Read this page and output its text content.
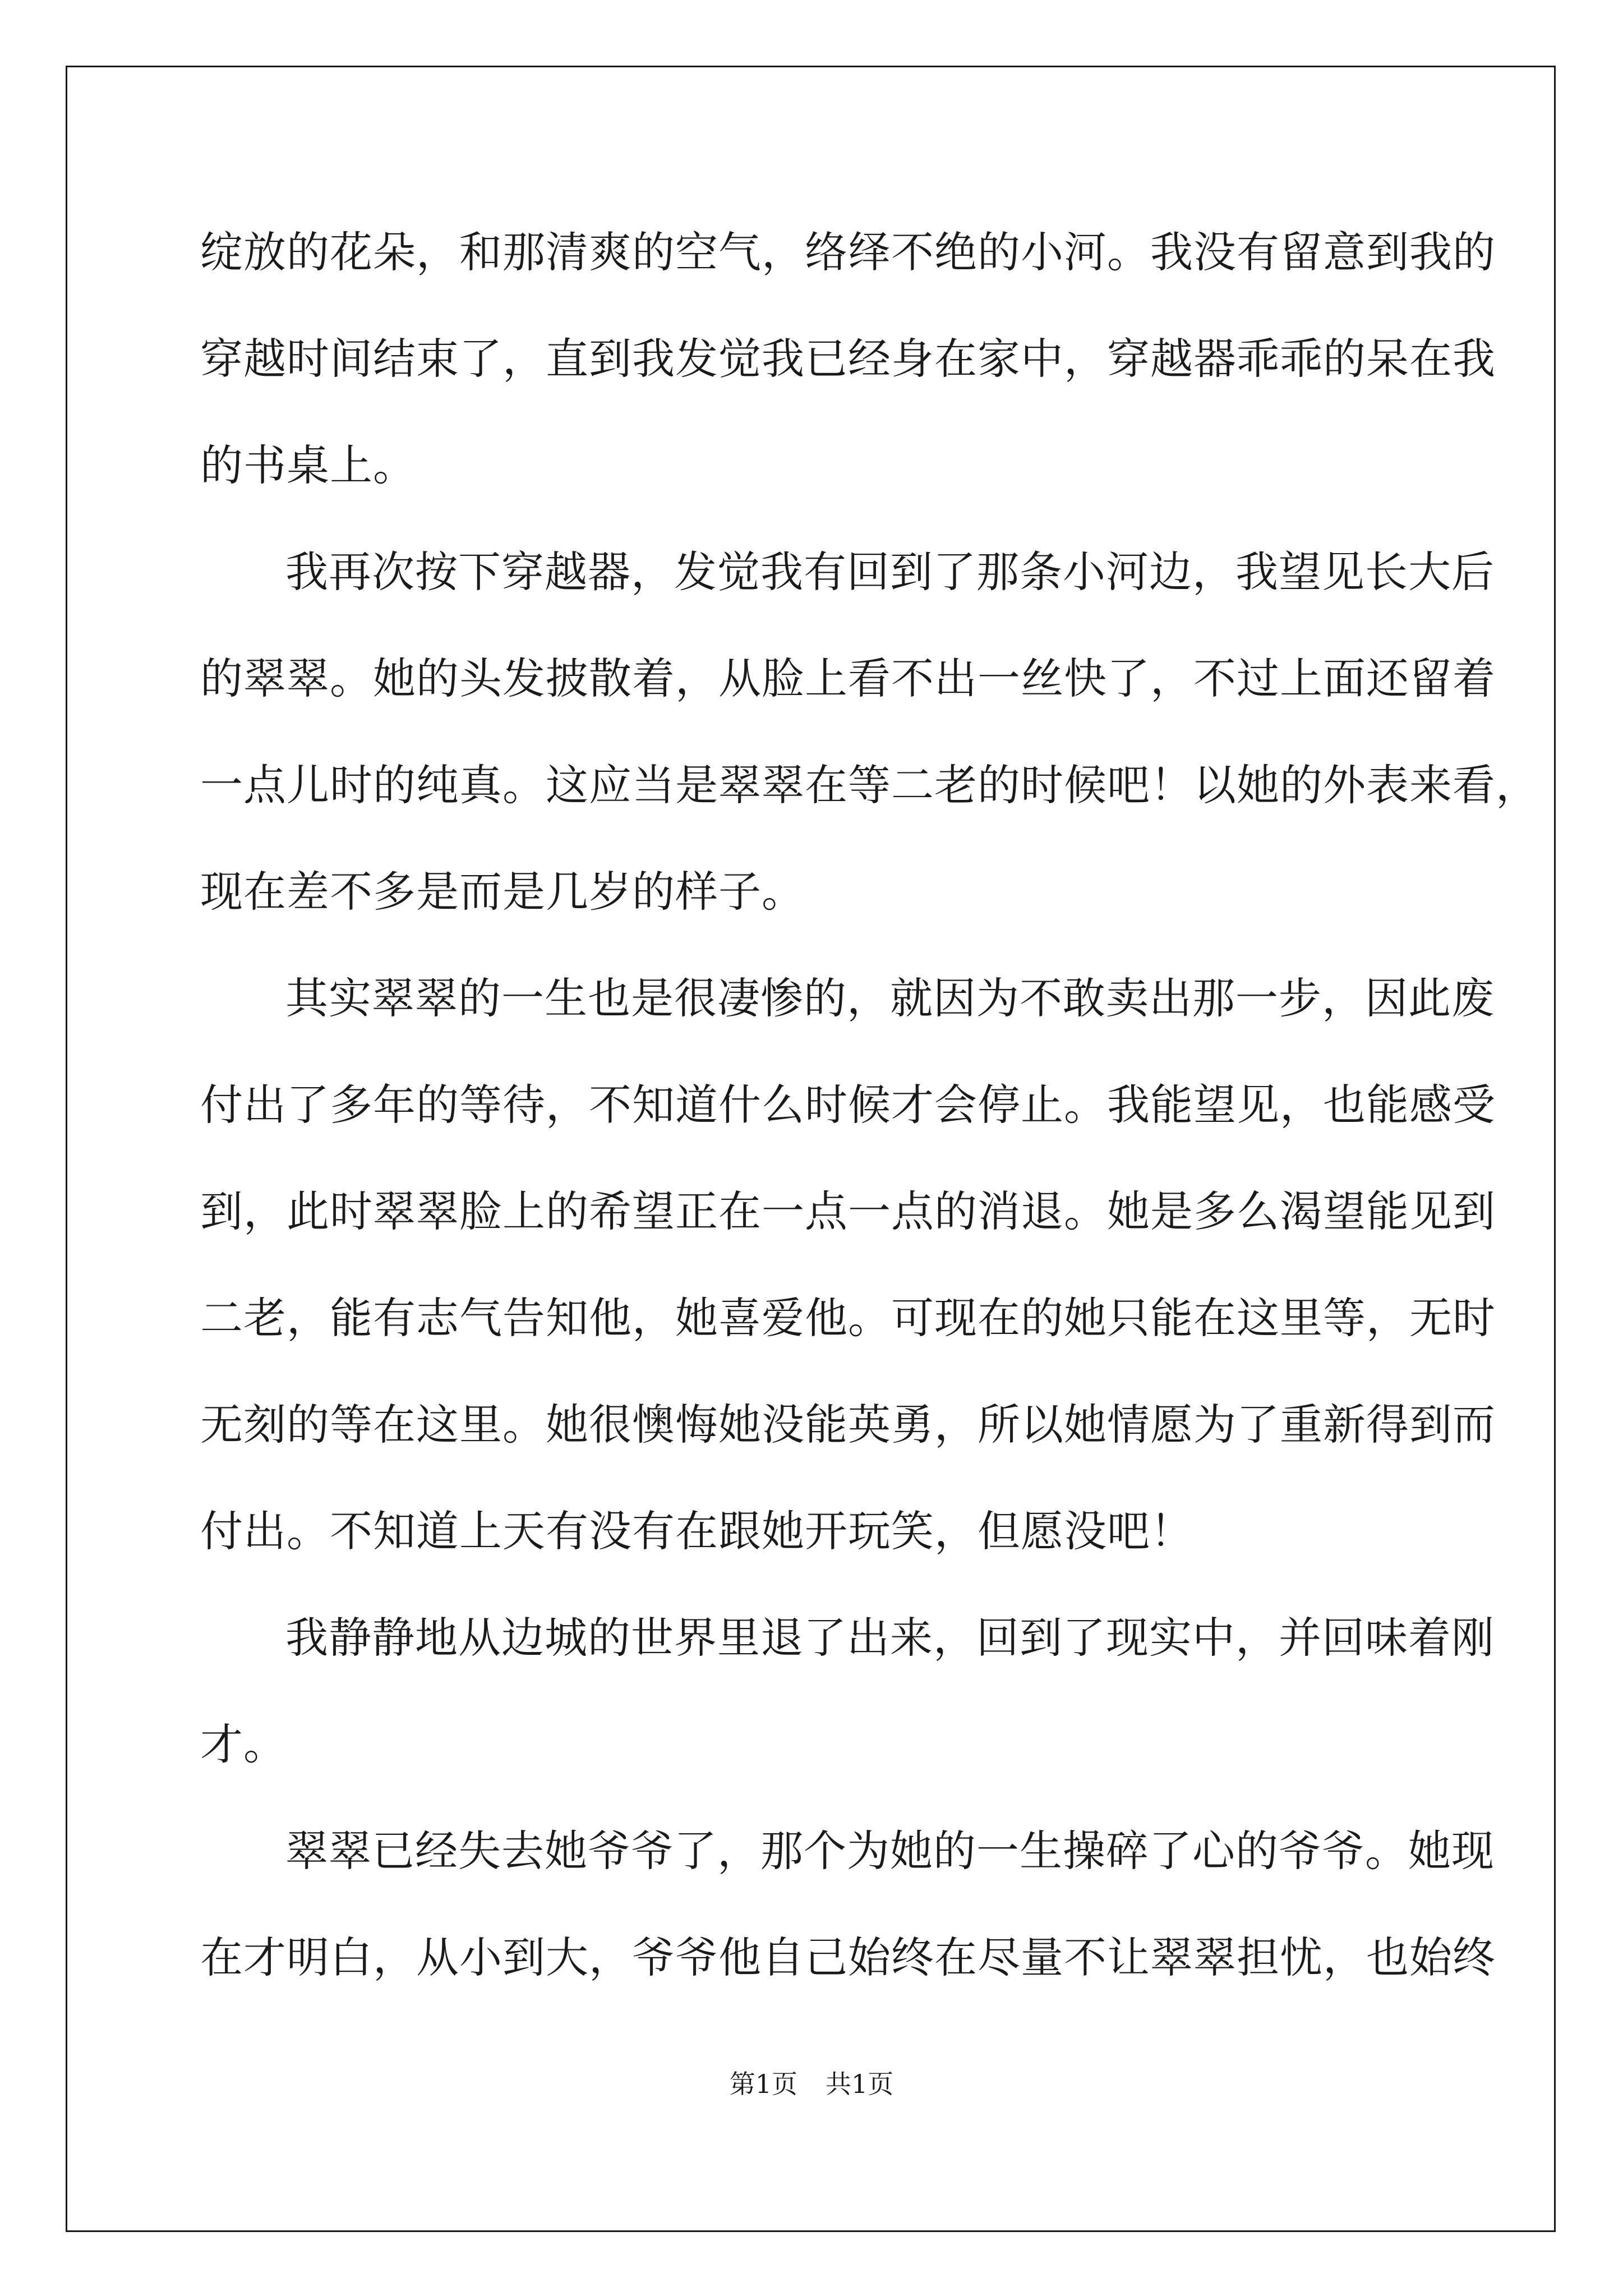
绽放的花朵，和那清爽的空气，络绎不绝的小河。我没有留意到我的
穿越时间结束了，直到我发觉我已经身在家中，穿越器乖乖的呆在我
的书桌上。
我再次按下穿越器，发觉我有回到了那条小河边，我望见长大后
的翠翠。她的头发披散着，从脸上看不出一丝快了，不过上面还留着
一点儿时的纯真。这应当是翠翠在等二老的时候吧！以她的外表来看，
现在差不多是而是几岁的样子。
其实翠翠的一生也是很凄惨的，就因为不敢卖出那一步，因此废
付出了多年的等待，不知道什么时候才会停止。我能望见，也能感受
到，此时翠翠脸上的希望正在一点一点的消退。她是多么渴望能见到
二老，能有志气告知他，她喜爱他。可现在的她只能在这里等，无时
无刻的等在这里。她很懊悔她没能英勇，所以她情愿为了重新得到而
付出。不知道上天有没有在跟她开玩笑，但愿没吧！
我静静地从边城的世界里退了出来，回到了现实中，并回味着刚
才。
翠翠已经失去她爷爷了，那个为她的一生操碎了心的爷爷。她现
在才明白，从小到大，爷爷他自己始终在尽量不让翠翠担忧，也始终
第1页 共1页
